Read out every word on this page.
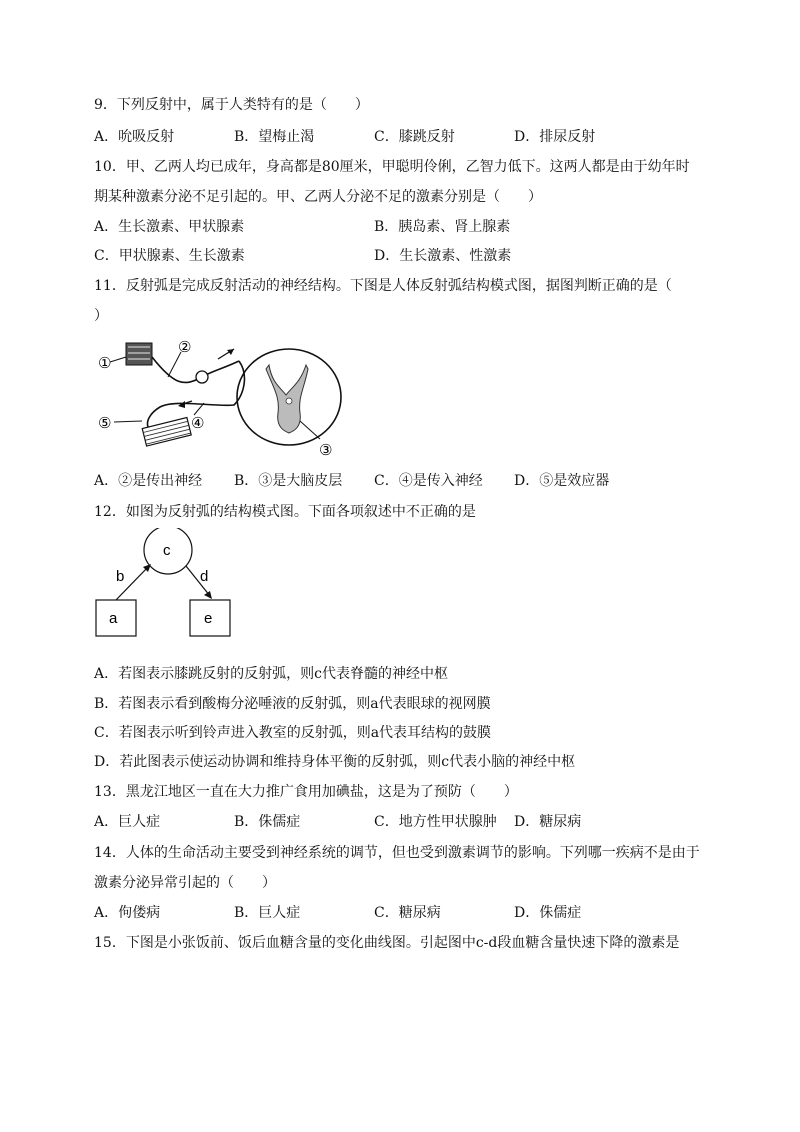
9．下列反射中，属于人类特有的是（　　）
A．吮吸反射	B．望梅止渴	C．膝跳反射	D．排尿反射
10．甲、乙两人均已成年，身高都是80厘米，甲聪明伶俐，乙智力低下。这两人都是由于幼年时
期某种激素分泌不足引起的。甲、乙两人分泌不足的激素分别是（　　）
A．生长激素、甲状腺素	B．胰岛素、肾上腺素
C．甲状腺素、生长激素	D．生长激素、性激素
11．反射弧是完成反射活动的神经结构。下图是人体反射弧结构模式图，据图判断正确的是（
）
①
②
③
④
⑤
A．②是传出神经 B．③是大脑皮层 C．④是传入神经 D．⑤是效应器
12．如图为反射弧的结构模式图。下面各项叙述中不正确的是
a
b
c
d
e
A．若图表示膝跳反射的反射弧，则c代表脊髓的神经中枢
B．若图表示看到酸梅分泌唾液的反射弧，则a代表眼球的视网膜
C．若图表示听到铃声进入教室的反射弧，则a代表耳结构的鼓膜
D．若此图表示使运动协调和维持身体平衡的反射弧，则c代表小脑的神经中枢
13．黑龙江地区一直在大力推广食用加碘盐，这是为了预防（　　）
A．巨人症	B．侏儒症	C．地方性甲状腺肿 D．糖尿病
14．人体的生命活动主要受到神经系统的调节，但也受到激素调节的影响。下列哪一疾病不是由于
激素分泌异常引起的（　　）
A．佝偻病	B．巨人症	C．糖尿病	D．侏儒症
15．下图是小张饭前、饭后血糖含量的变化曲线图。引起图中c-d段血糖含量快速下降的激素是
